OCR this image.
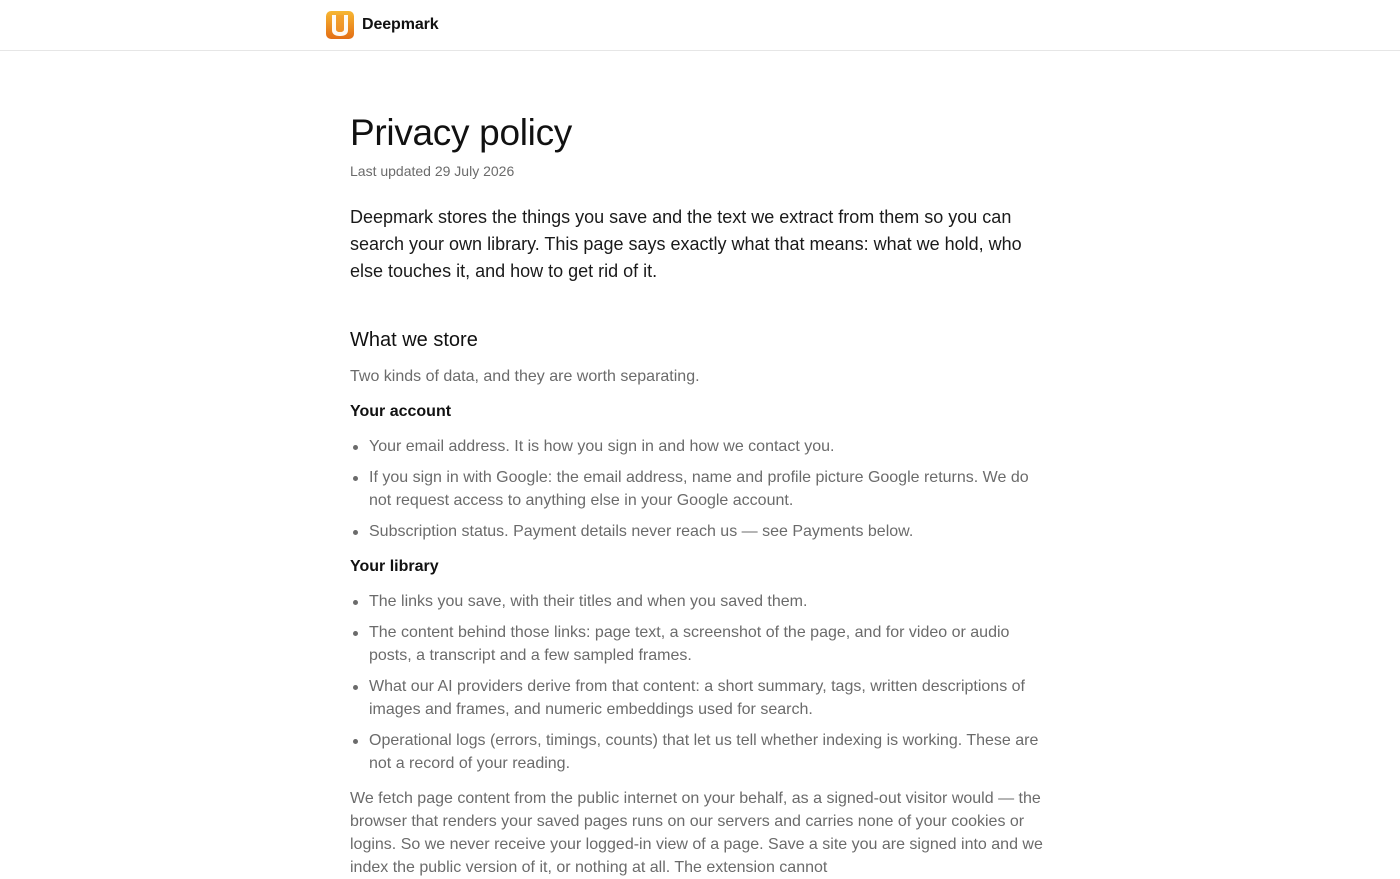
Deepmark
Privacy policy
Last updated 29 July 2026

Deepmark stores the things you save and the text we extract from them so you can search your own library. This page says exactly what that means: what we hold, who else touches it, and how to get rid of it.

What we store

Two kinds of data, and they are worth separating.

Your account
Your email address. It is how you sign in and how we contact you.
If you sign in with Google: the email address, name and profile picture Google returns. We do not request access to anything else in your Google account.
Subscription status. Payment details never reach us — see Payments below.
Your library
The links you save, with their titles and when you saved them.
The content behind those links: page text, a screenshot of the page, and for video or audio posts, a transcript and a few sampled frames.
What our AI providers derive from that content: a short summary, tags, written descriptions of images and frames, and numeric embeddings used for search.
Operational logs (errors, timings, counts) that let us tell whether indexing is working. These are not a record of your reading.

We fetch page content from the public internet on your behalf, as a signed-out visitor would — the browser that renders your saved pages runs on our servers and carries none of your cookies or logins. So we never receive your logged-in view of a page. Save a site you are signed into and we index the public version of it, or nothing at all. The extension cannot
